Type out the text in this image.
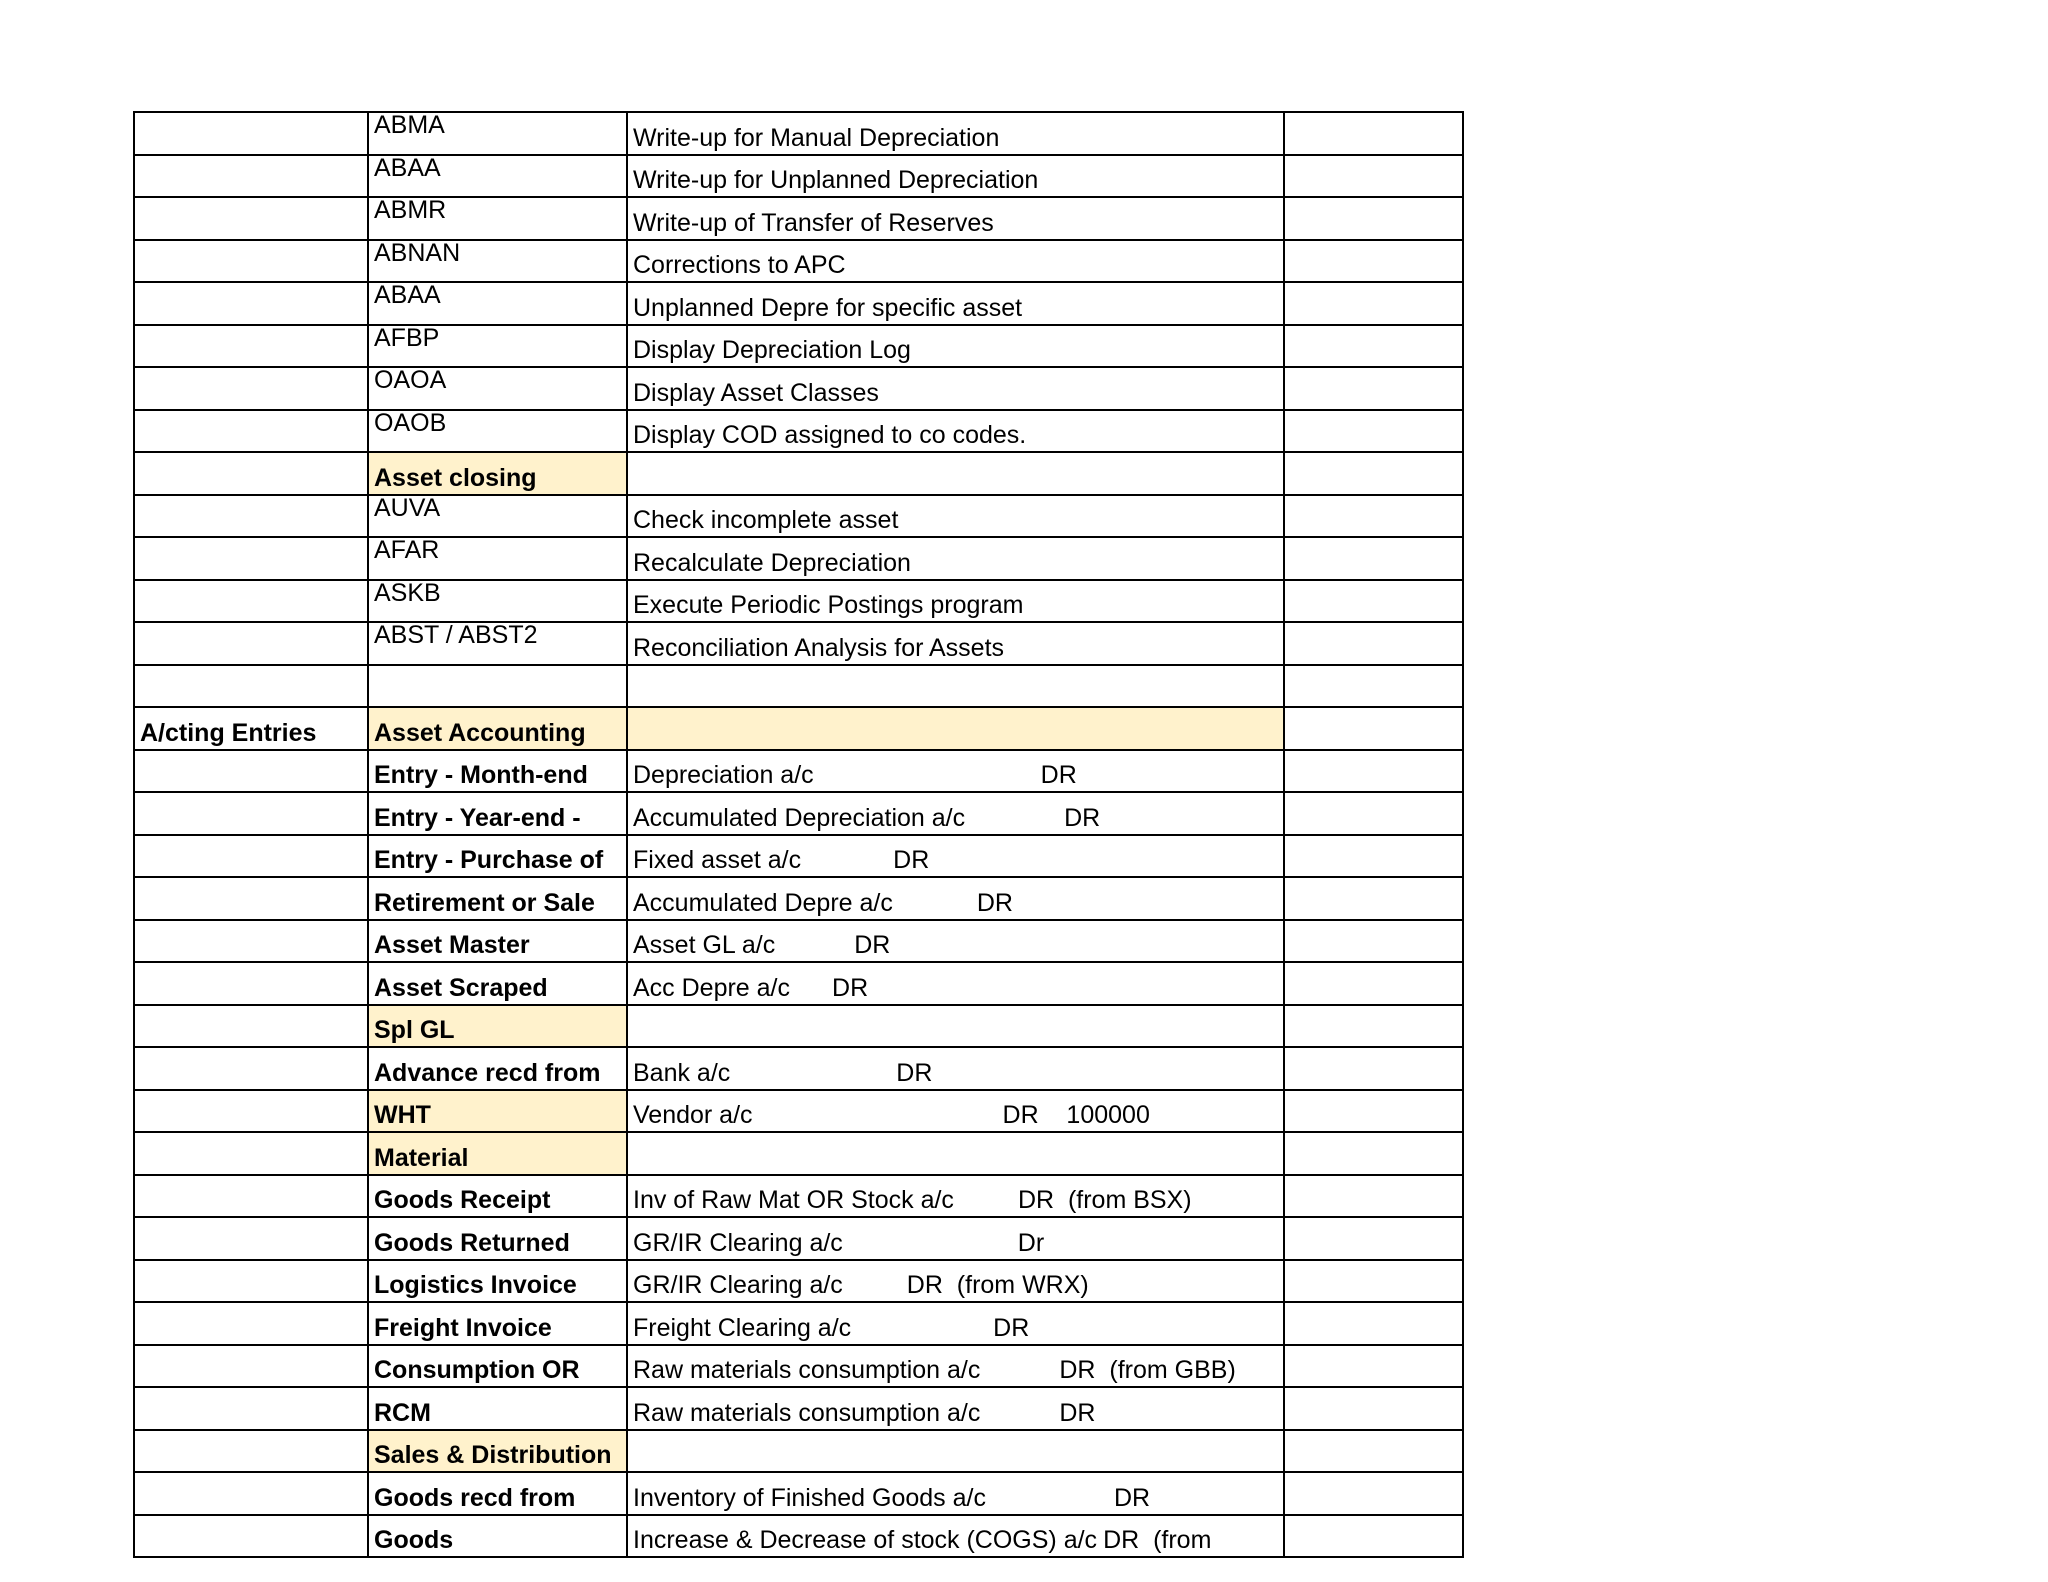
	ABMA	Write-up for Manual Depreciation	
	ABAA	Write-up for Unplanned Depreciation	
	ABMR	Write-up of Transfer of Reserves	
	ABNAN	Corrections to APC	
	ABAA	Unplanned Depre for specific asset	
	AFBP	Display Depreciation Log	
	OAOA	Display Asset Classes	
	OAOB	Display COD assigned to co codes.	
	Asset closing		
	AUVA	Check incomplete asset	
	AFAR	Recalculate Depreciation	
	ASKB	Execute Periodic Postings program	
	ABST / ABST2	Reconciliation Analysis for Assets	

A/cting Entries	Asset Accounting		
	Entry - Month-end	Depreciation a/c DR	
	Entry - Year-end -	Accumulated Depreciation a/c DR	
	Entry - Purchase of	Fixed asset a/c DR	
	Retirement or Sale	Accumulated Depre a/c DR	
	Asset Master	Asset GL a/c DR	
	Asset Scraped	Acc Depre a/c DR	
	Spl GL		
	Advance recd from	Bank a/c DR	
	WHT	Vendor a/c DR    100000	
	Material		
	Goods Receipt	Inv of Raw Mat OR Stock a/c DR  (from BSX)	
	Goods Returned	GR/IR Clearing a/c Dr	
	Logistics Invoice	GR/IR Clearing a/c DR  (from WRX)	
	Freight Invoice	Freight Clearing a/c DR	
	Consumption OR	Raw materials consumption a/c DR  (from GBB)	
	RCM	Raw materials consumption a/c DR	
	Sales & Distribution		
	Goods recd from	Inventory of Finished Goods a/c DR	
	Goods	Increase & Decrease of stock (COGS) a/c DR  (from	
